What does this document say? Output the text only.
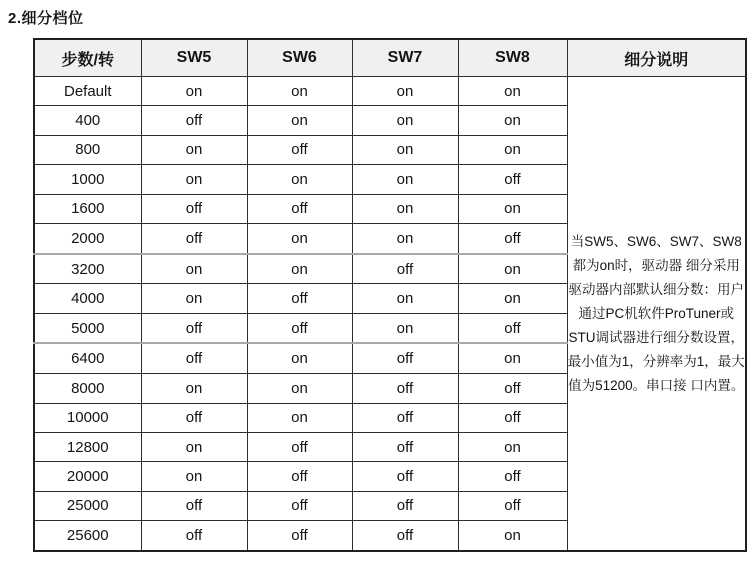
2.细分档位
步数/转	SW5	SW6	SW7	SW8	细分说明
Default	on	on	on	on	当SW5、SW6、SW7、SW8都为on时，驱动器 细分采用驱动器内部默认细分数：用户通过PC机软件ProTuner或STU调试器进行细分数设置，最小值为1，分辨率为1，最大值为51200。串口接 口内置。

400	off	on	on	on	
800	on	off	on	on	
1000	on	on	on	off	
1600	off	off	on	on	
2000	off	on	on	off	
3200	on	on	off	on	
4000	on	off	on	on	
5000	off	off	on	off	
6400	off	on	off	on	
8000	on	on	off	off	
10000	off	on	off	off	
12800	on	off	off	on	
20000	on	off	off	off	
25000	off	off	off	off	
25600	off	off	off	on	
